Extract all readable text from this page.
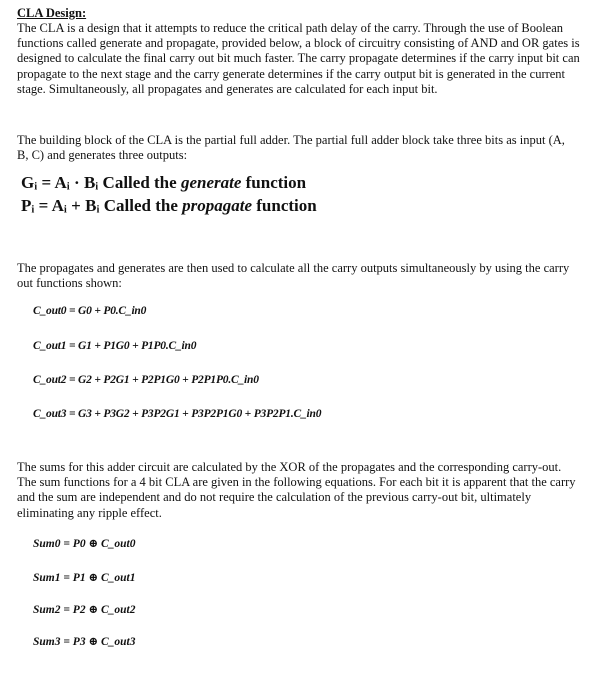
CLA Design:

The CLA is a design that it attempts to reduce the critical path delay of the carry. Through the use of Boolean functions called generate and propagate, provided below, a block of circuitry consisting of AND and OR gates is designed to calculate the final carry out bit much faster. The carry propagate determines if the carry input bit can propagate to the next stage and the carry generate determines if the carry output bit is generated in the current stage. Simultaneously, all propagates and generates are calculated for each input bit.

The building block of the CLA is the partial full adder. The partial full adder block take three bits as input (A, B, C) and generates three outputs:

Gᵢ = Aᵢ · Bᵢ Called the generate function
Pᵢ = Aᵢ + Bᵢ Called the propagate function

The propagates and generates are then used to calculate all the carry outputs simultaneously by using the carry out functions shown:

C_out0 = G0 + P0.C_in0
C_out1 = G1 + P1G0 + P1P0.C_in0
C_out2 = G2 + P2G1 + P2P1G0 + P2P1P0.C_in0
C_out3 = G3 + P3G2 + P3P2G1 + P3P2P1G0 + P3P2P1.C_in0

The sums for this adder circuit are calculated by the XOR of the propagates and the corresponding carry-out. The sum functions for a 4 bit CLA are given in the following equations. For each bit it is apparent that the carry and the sum are independent and do not require the calculation of the previous carry-out bit, ultimately eliminating any ripple effect.

Sum0 = P0 ⊕ C_out0
Sum1 = P1 ⊕ C_out1
Sum2 = P2 ⊕ C_out2
Sum3 = P3 ⊕ C_out3
